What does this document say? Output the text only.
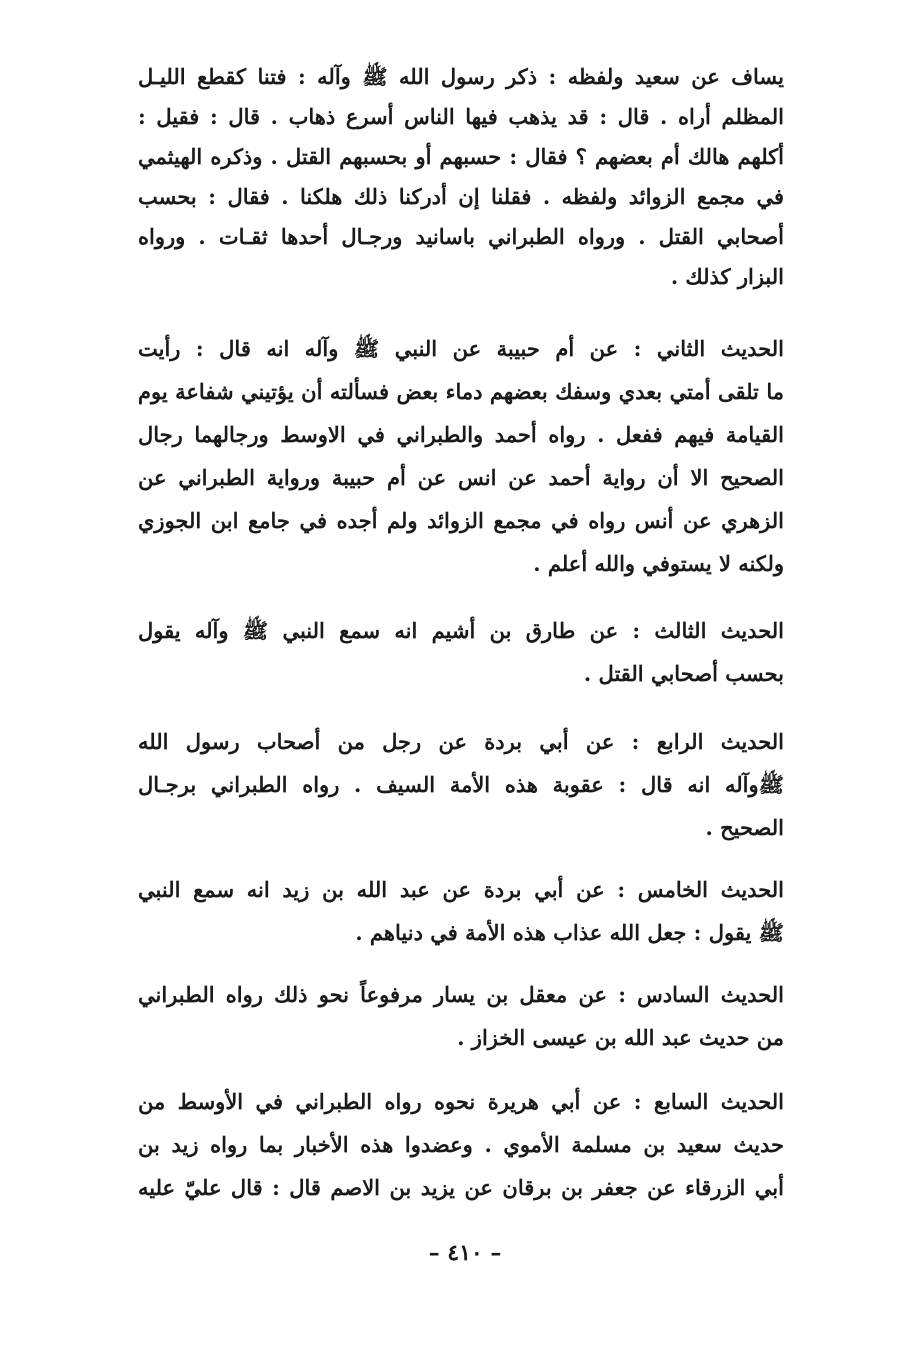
يساف عن سعيد ولفظه : ذكر رسول الله ﷺ وآله : فتنا كقطع الليـل

المظلم أراه . قال : قد يذهب فيها الناس أسرع ذهاب . قال : فقيل :

أكلهم هالك أم بعضهم ؟ فقال : حسبهم أو بحسبهم القتل . وذكره الهيثمي

في مجمع الزوائد ولفظه . فقلنا إن أدركنا ذلك هلكنا . فقال : بحسب

أصحابي القتل . ورواه الطبراني باسانيد ورجـال أحدها ثقـات . ورواه

البزار كذلك .

الحديث الثاني : عن أم حبيبة عن النبي ﷺ وآله انه قال : رأيت

ما تلقى أمتي بعدي وسفك بعضهم دماء بعض فسألته أن يؤتيني شفاعة يوم

القيامة فيهم ففعل . رواه أحمد والطبراني في الاوسط ورجالهما رجال

الصحيح الا أن رواية أحمد عن انس عن أم حبيبة ورواية الطبراني عن

الزهري عن أنس رواه في مجمع الزوائد ولم أجده في جامع ابن الجوزي

ولكنه لا يستوفي والله أعلم .

الحديث الثالث : عن طارق بن أشيم انه سمع النبي ﷺ وآله يقول

بحسب أصحابي القتل .

الحديث الرابع : عن أبي بردة عن رجل من أصحاب رسول الله

ﷺوآله انه قال : عقوبة هذه الأمة السيف . رواه الطبراني برجـال

الصحيح .

الحديث الخامس : عن أبي بردة عن عبد الله بن زيد انه سمع النبي

ﷺ يقول : جعل الله عذاب هذه الأمة في دنياهم .

الحديث السادس : عن معقل بن يسار مرفوعاً نحو ذلك رواه الطبراني

من حديث عبد الله بن عيسى الخزاز .

الحديث السابع : عن أبي هريرة نحوه رواه الطبراني في الأوسط من

حديث سعيد بن مسلمة الأموي . وعضدوا هذه الأخبار بما رواه زيد بن

أبي الزرقاء عن جعفر بن برقان عن يزيد بن الاصم قال : قال عليّ عليه

– ٤١٠ –
